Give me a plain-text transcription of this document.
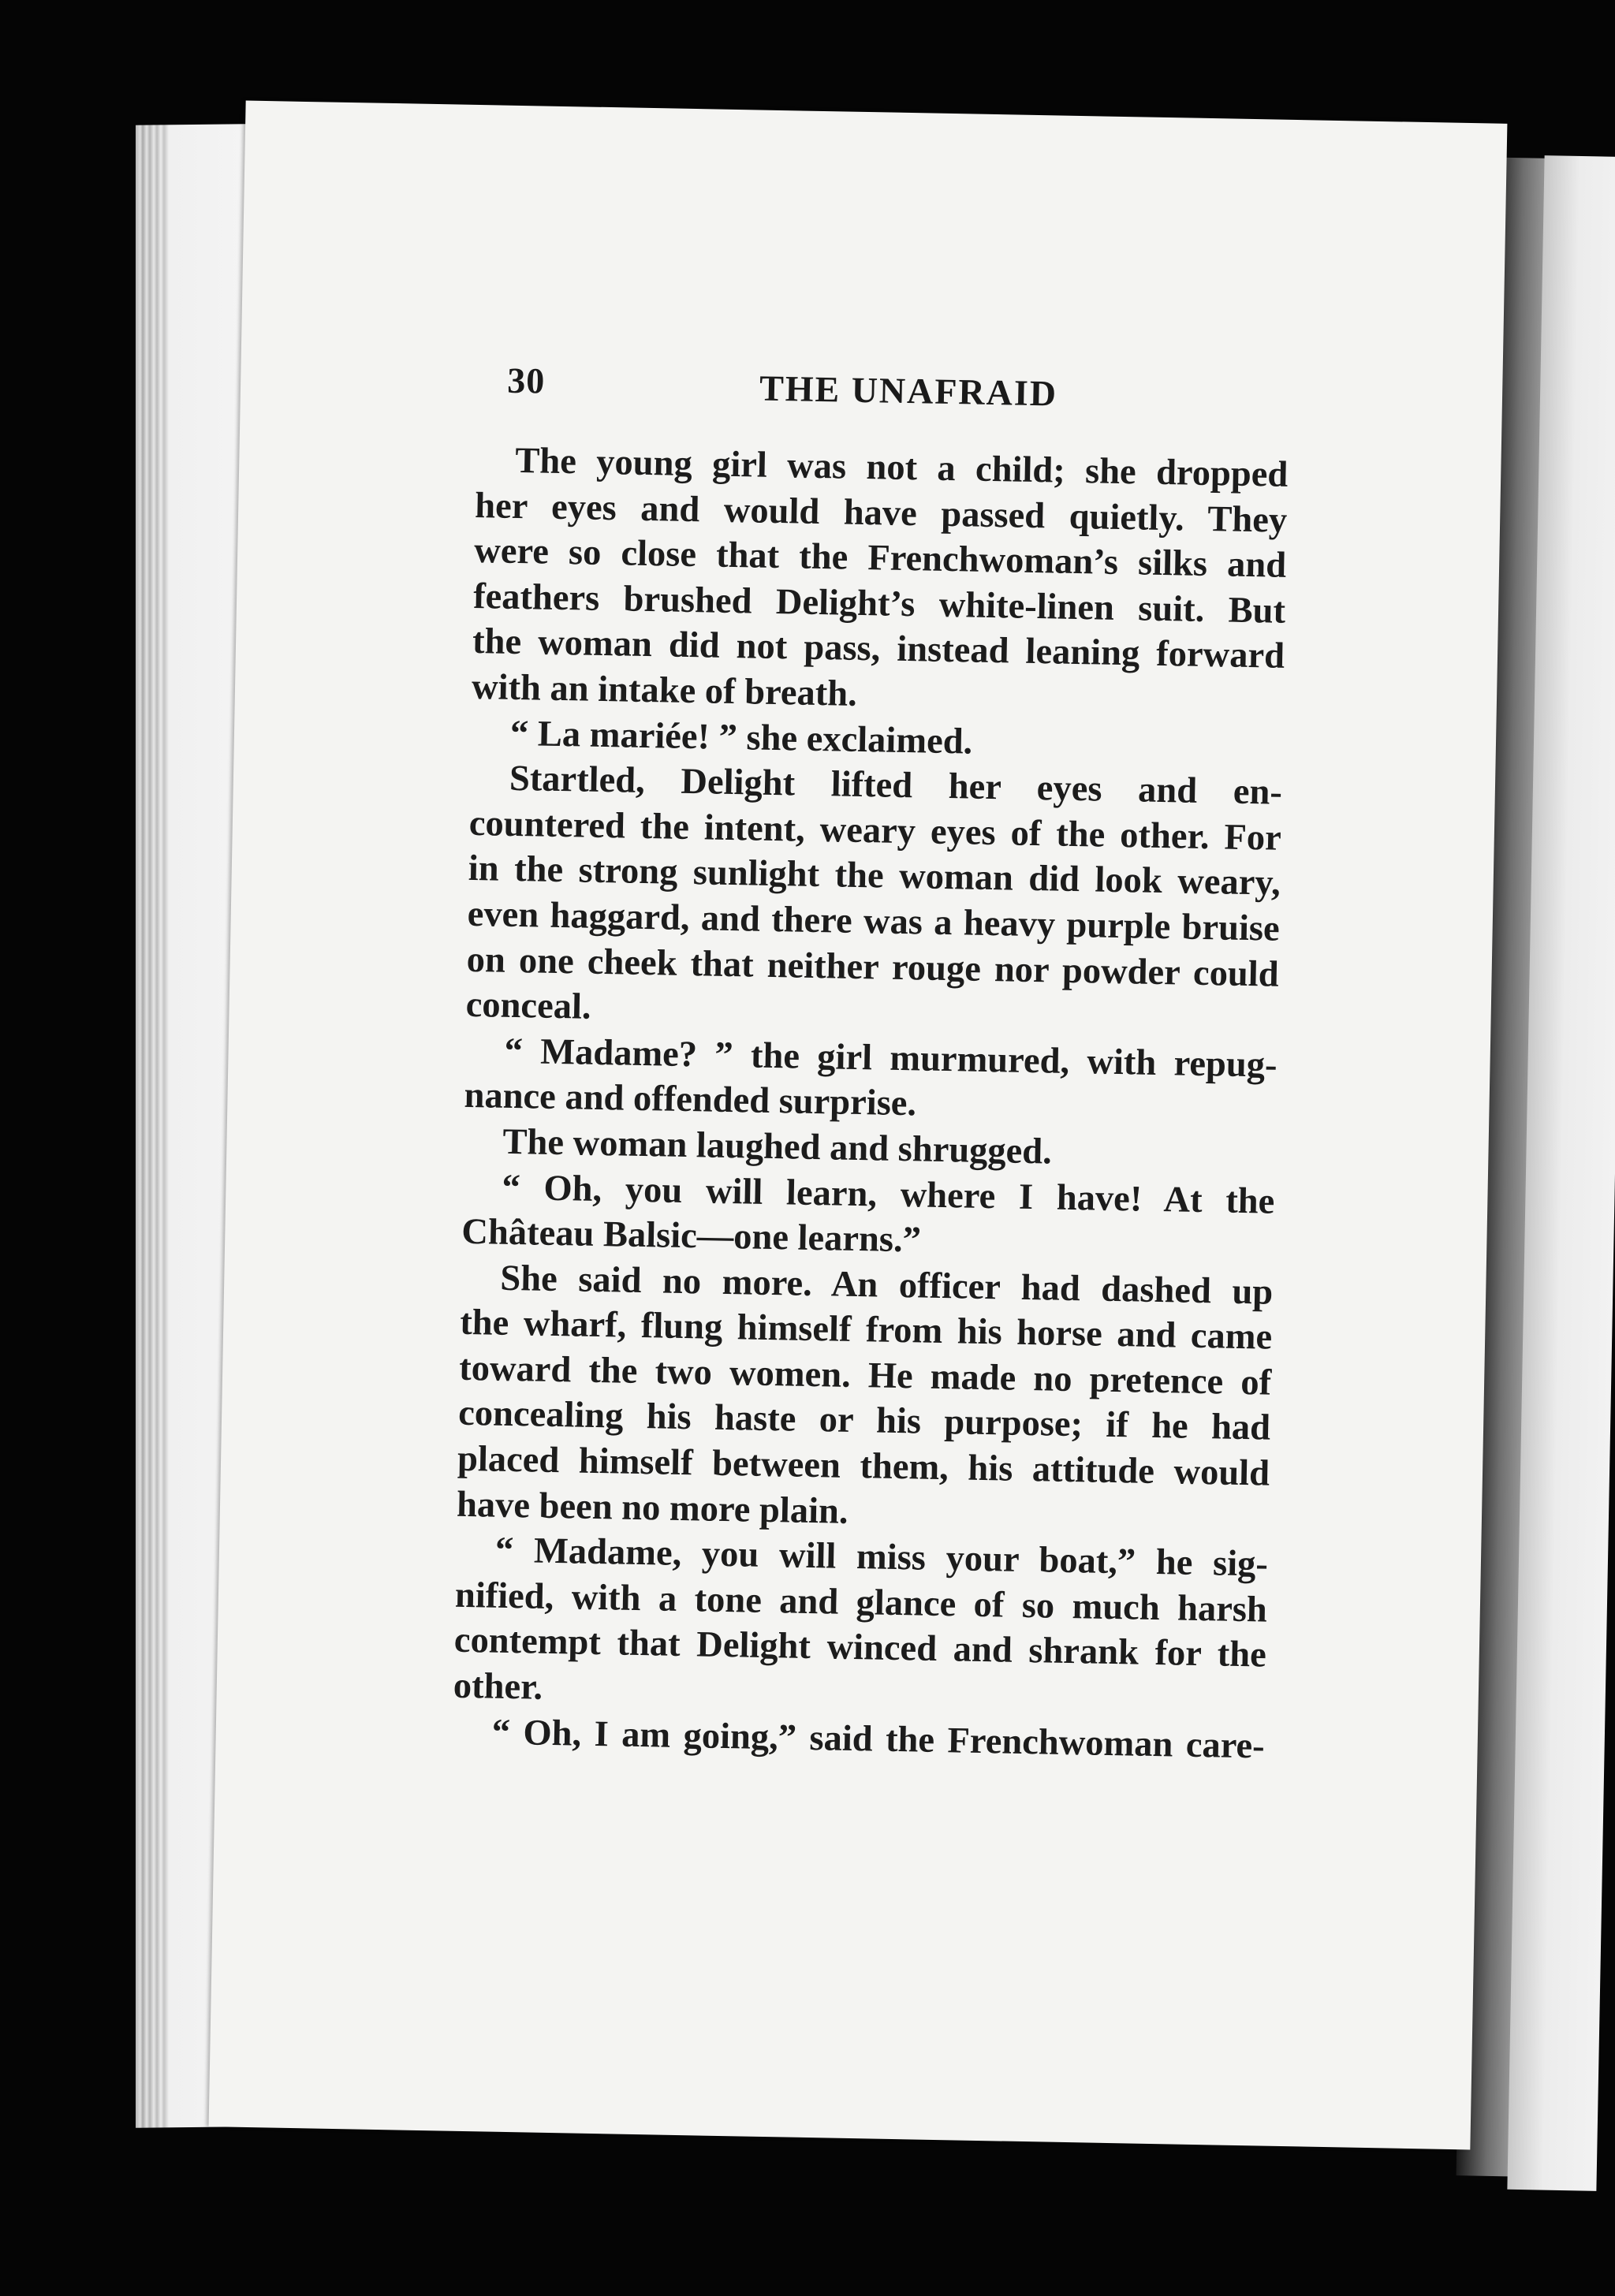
30	THE UNAFRAID
The young girl was not a child; she dropped
her eyes and would have passed quietly. They
were so close that the Frenchwoman’s silks and
feathers brushed Delight’s white-linen suit. But
the woman did not pass, instead leaning forward
with an intake of breath.
“ La mariée! ” she exclaimed.
Startled, Delight lifted her eyes and en-
countered the intent, weary eyes of the other. For
in the strong sunlight the woman did look weary,
even haggard, and there was a heavy purple bruise
on one cheek that neither rouge nor powder could
conceal.
“ Madame? ” the girl murmured, with repug-
nance and offended surprise.
The woman laughed and shrugged.
“ Oh, you will learn, where I have! At the
Château Balsic—one learns.”
She said no more. An officer had dashed up
the wharf, flung himself from his horse and came
toward the two women. He made no pretence of
concealing his haste or his purpose; if he had
placed himself between them, his attitude would
have been no more plain.
“ Madame, you will miss your boat,” he sig-
nified, with a tone and glance of so much harsh
contempt that Delight winced and shrank for the
other.
“ Oh, I am going,” said the Frenchwoman care-
